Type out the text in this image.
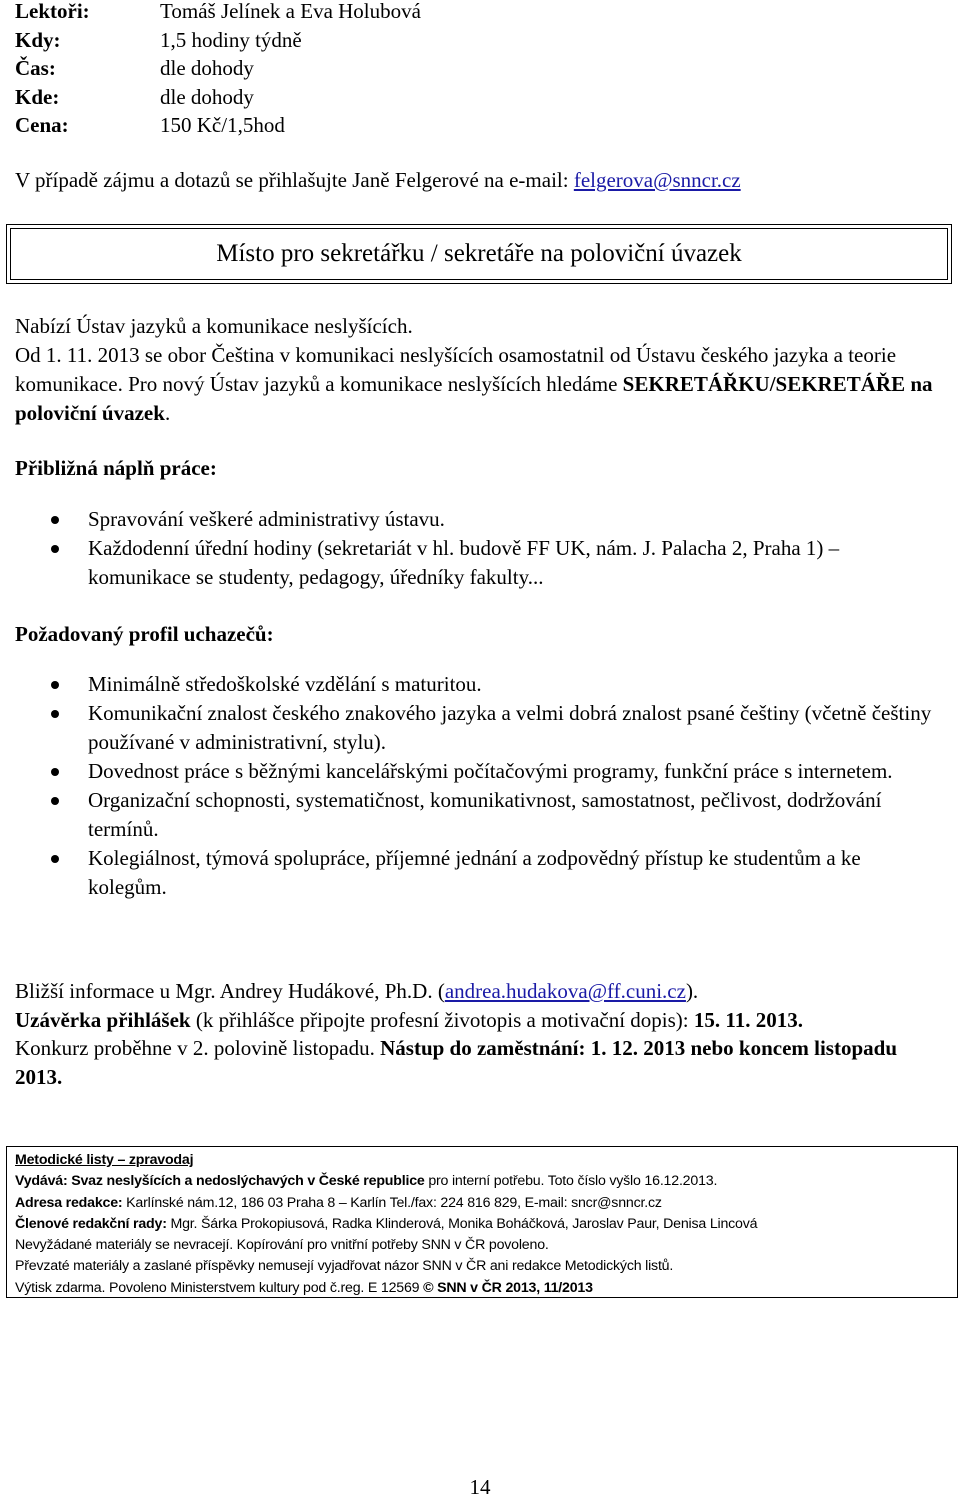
Lektoři:	Tomáš Jelínek a Eva Holubová
Kdy:	1,5 hodiny týdně
Čas:	dle dohody
Kde:	dle dohody
Cena:	150 Kč/1,5hod
V případě zájmu a dotazů se přihlašujte Janě Felgerové na e-mail: felgerova@snncr.cz
Místo pro sekretářku / sekretáře na poloviční úvazek
Nabízí Ústav jazyků a komunikace neslyšících.
Od 1. 11. 2013 se obor Čeština v komunikaci neslyšících osamostatnil od Ústavu českého jazyka a teorie komunikace. Pro nový Ústav jazyků a komunikace neslyšících hledáme SEKRETÁŘKU/SEKRETÁŘE na poloviční úvazek.
Přibližná náplň práce:
Spravování veškeré administrativy ústavu.
Každodenní úřední hodiny (sekretariát v hl. budově FF UK, nám. J. Palacha 2, Praha 1) – komunikace se studenty, pedagogy, úředníky fakulty...
Požadovaný profil uchazečů:
Minimálně středoškolské vzdělání s maturitou.
Komunikační znalost českého znakového jazyka a velmi dobrá znalost psané češtiny (včetně češtiny používané v administrativní, stylu).
Dovednost práce s běžnými kancelářskými počítačovými programy, funkční práce s internetem.
Organizační schopnosti, systematičnost, komunikativnost, samostatnost, pečlivost, dodržování termínů.
Kolegiálnost, týmová spolupráce, příjemné jednání a zodpovědný přístup ke studentům a ke kolegům.
Bližší informace u Mgr. Andrey Hudákové, Ph.D. (andrea.hudakova@ff.cuni.cz).
Uzávěrka přihlášek (k přihlášce připojte profesní životopis a motivační dopis): 15. 11. 2013.
Konkurz proběhne v 2. polovině listopadu. Nástup do zaměstnání: 1. 12. 2013 nebo koncem listopadu 2013.
Metodické listy – zpravodaj
Vydává: Svaz neslyšících a nedoslýchavých v České republice pro interní potřebu. Toto číslo vyšlo 16.12.2013.
Adresa redakce: Karlínské nám.12, 186 03 Praha 8 – Karlín Tel./fax: 224 816 829, E-mail: sncr@snncr.cz
Členové redakční rady: Mgr. Šárka Prokopiusová, Radka Klinderová, Monika Boháčková, Jaroslav Paur, Denisa Lincová
Nevyžádané materiály se nevracejí. Kopírování pro vnitřní potřeby SNN v ČR povoleno.
Převzaté materiály a zaslané příspěvky nemusejí vyjadřovat názor SNN v ČR ani redakce Metodických listů.
Výtisk zdarma. Povoleno Ministerstvem kultury pod č.reg. E 12569 © SNN v ČR 2013, 11/2013
14
